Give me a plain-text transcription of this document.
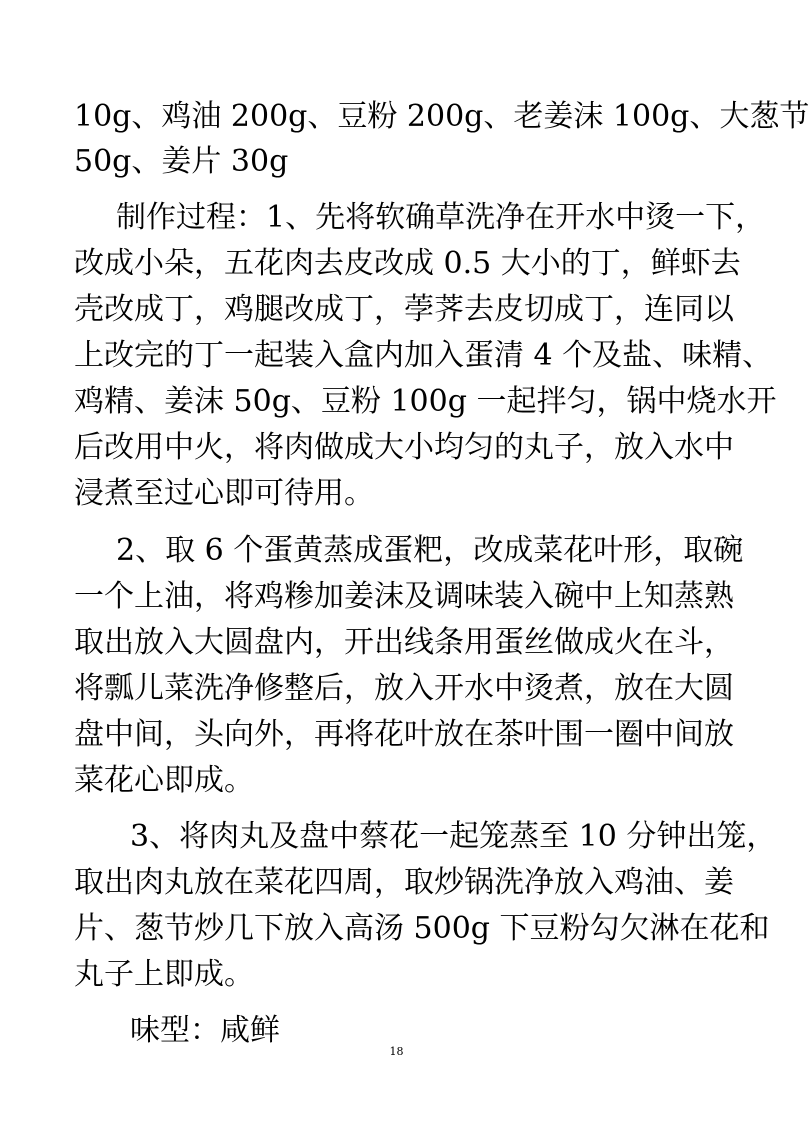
10g、鸡油 200g、豆粉 200g、老姜沫 100g、大葱节
50g、姜片 30g
制作过程：1、先将软确草洗净在开水中烫一下，
改成小朵，五花肉去皮改成 0.5 大小的丁，鲜虾去
壳改成丁，鸡腿改成丁，荸荠去皮切成丁，连同以
上改完的丁一起装入盒内加入蛋清 4 个及盐、味精、
鸡精、姜沫 50g、豆粉 100g 一起拌匀，锅中烧水开
后改用中火，将肉做成大小均匀的丸子，放入水中
浸煮至过心即可待用。
2、取 6 个蛋黄蒸成蛋粑，改成菜花叶形，取碗
一个上油，将鸡糁加姜沫及调味装入碗中上知蒸熟
取出放入大圆盘内，开出线条用蛋丝做成火在斗，
将瓢儿菜洗净修整后，放入开水中烫煮，放在大圆
盘中间，头向外，再将花叶放在茶叶围一圈中间放
菜花心即成。
3、将肉丸及盘中蔡花一起笼蒸至 10 分钟出笼，
取出肉丸放在菜花四周，取炒锅洗净放入鸡油、姜
片、葱节炒几下放入高汤 500g 下豆粉勾欠淋在花和
丸子上即成。
味型：咸鲜
18
